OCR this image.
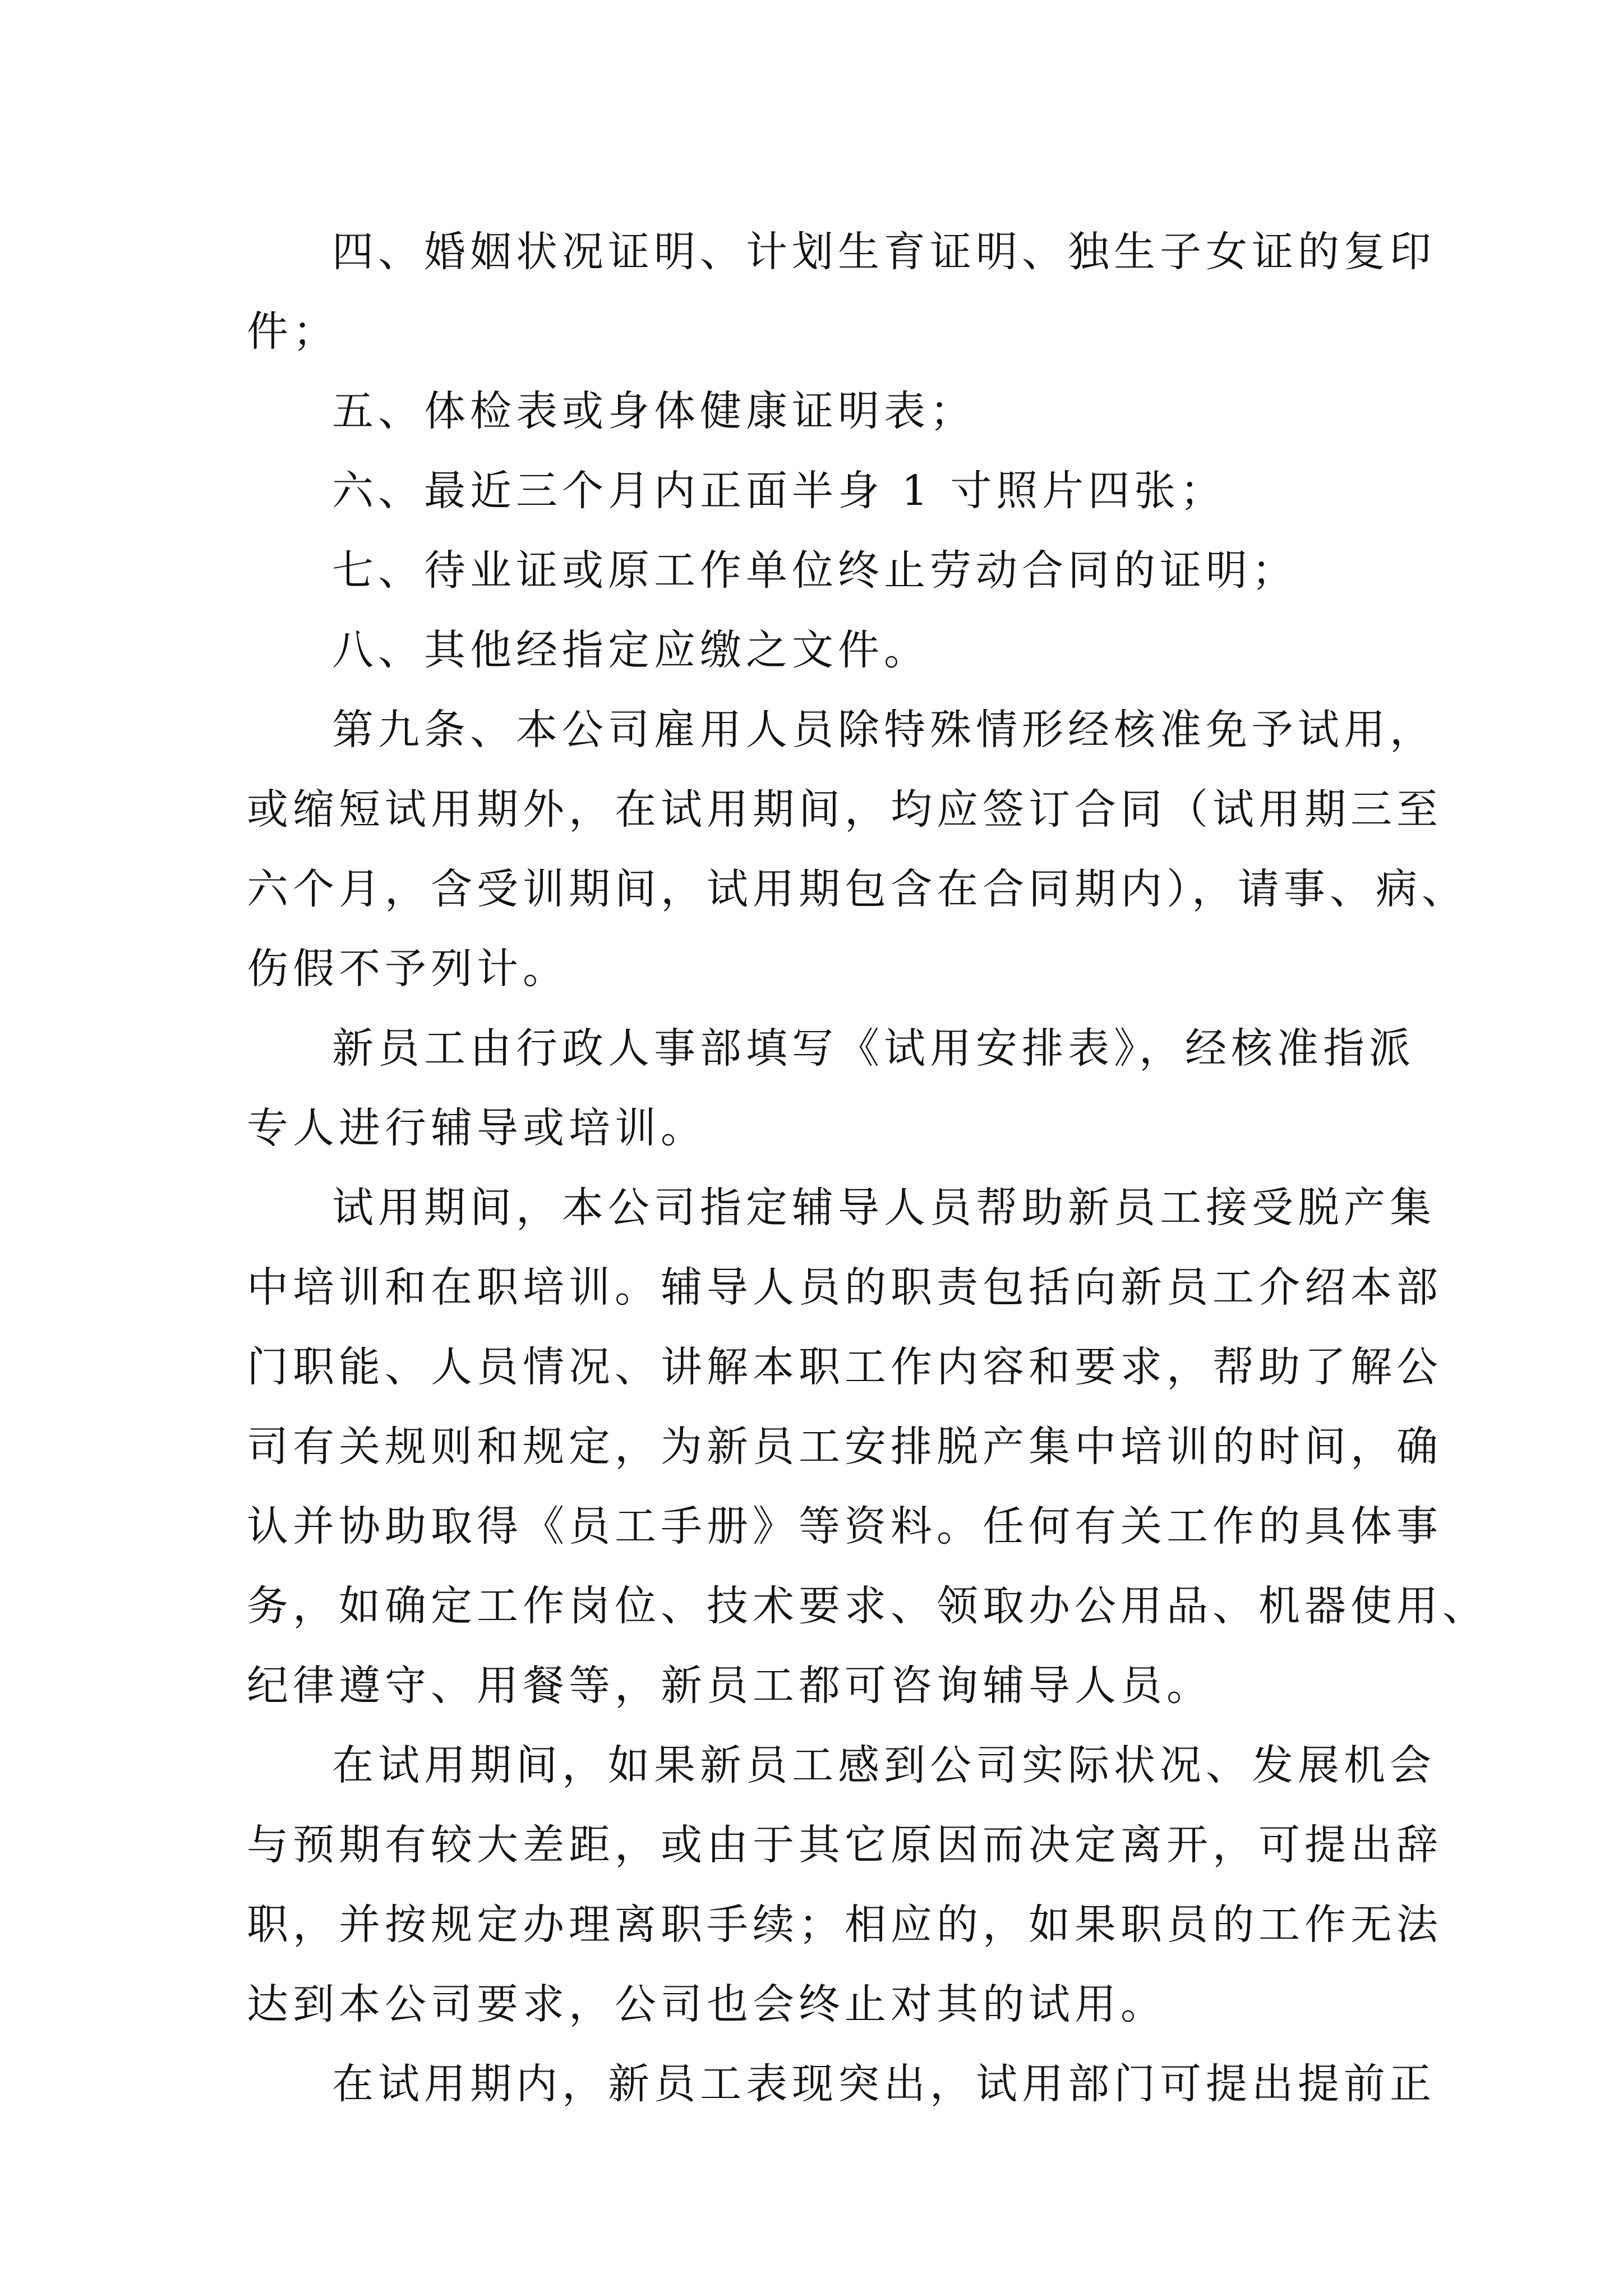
四、婚姻状况证明、计划生育证明、独生子女证的复印
件；

五、体检表或身体健康证明表；

六、最近三个月内正面半身 1 寸照片四张；

七、待业证或原工作单位终止劳动合同的证明；

八、其他经指定应缴之文件。

第九条、本公司雇用人员除特殊情形经核准免予试用，
或缩短试用期外，在试用期间，均应签订合同（试用期三至
六个月，含受训期间，试用期包含在合同期内），请事、病、
伤假不予列计。

新员工由行政人事部填写《试用安排表》，经核准指派
专人进行辅导或培训。

试用期间，本公司指定辅导人员帮助新员工接受脱产集
中培训和在职培训。辅导人员的职责包括向新员工介绍本部
门职能、人员情况、讲解本职工作内容和要求，帮助了解公
司有关规则和规定，为新员工安排脱产集中培训的时间，确
认并协助取得《员工手册》等资料。任何有关工作的具体事
务，如确定工作岗位、技术要求、领取办公用品、机器使用、
纪律遵守、用餐等，新员工都可咨询辅导人员。

在试用期间，如果新员工感到公司实际状况、发展机会
与预期有较大差距，或由于其它原因而决定离开，可提出辞
职，并按规定办理离职手续；相应的，如果职员的工作无法
达到本公司要求，公司也会终止对其的试用。

在试用期内，新员工表现突出，试用部门可提出提前正
